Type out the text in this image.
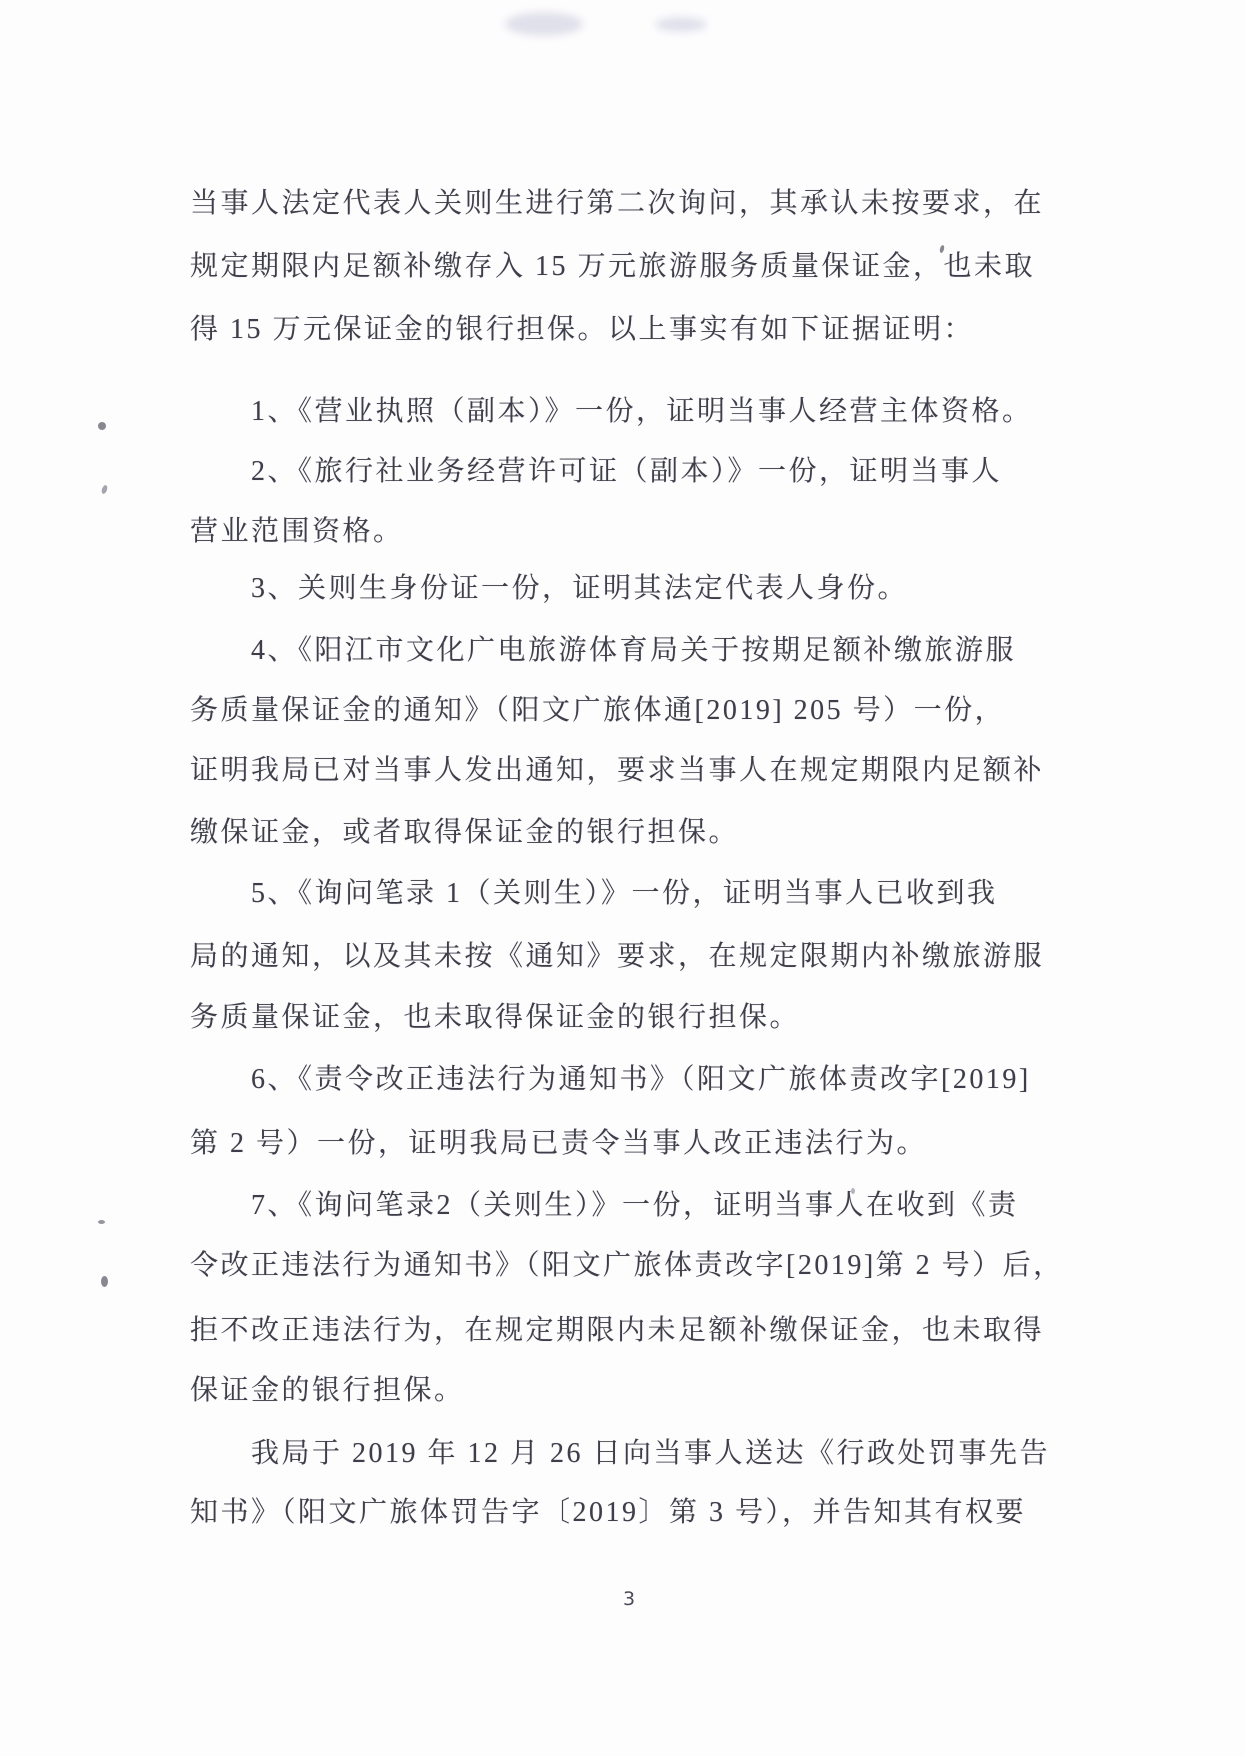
当事人法定代表人关则生进行第二次询问，其承认未按要求，在
规定期限内足额补缴存入 15 万元旅游服务质量保证金，也未取
得 15 万元保证金的银行担保。以上事实有如下证据证明：
1、《营业执照（副本）》一份，证明当事人经营主体资格。
2、《旅行社业务经营许可证（副本）》一份，证明当事人
营业范围资格。
3、关则生身份证一份，证明其法定代表人身份。
4、《阳江市文化广电旅游体育局关于按期足额补缴旅游服
务质量保证金的通知》（阳文广旅体通[2019] 205 号）一份，
证明我局已对当事人发出通知，要求当事人在规定期限内足额补
缴保证金，或者取得保证金的银行担保。
5、《询问笔录 1（关则生）》一份，证明当事人已收到我
局的通知，以及其未按《通知》要求，在规定限期内补缴旅游服
务质量保证金，也未取得保证金的银行担保。
6、《责令改正违法行为通知书》（阳文广旅体责改字[2019]
第 2 号）一份，证明我局已责令当事人改正违法行为。
7、《询问笔录2（关则生）》一份，证明当事人在收到《责
令改正违法行为通知书》（阳文广旅体责改字[2019]第 2 号）后，
拒不改正违法行为，在规定期限内未足额补缴保证金，也未取得
保证金的银行担保。
我局于 2019 年 12 月 26 日向当事人送达《行政处罚事先告
知书》（阳文广旅体罚告字〔2019〕第 3 号），并告知其有权要
3
